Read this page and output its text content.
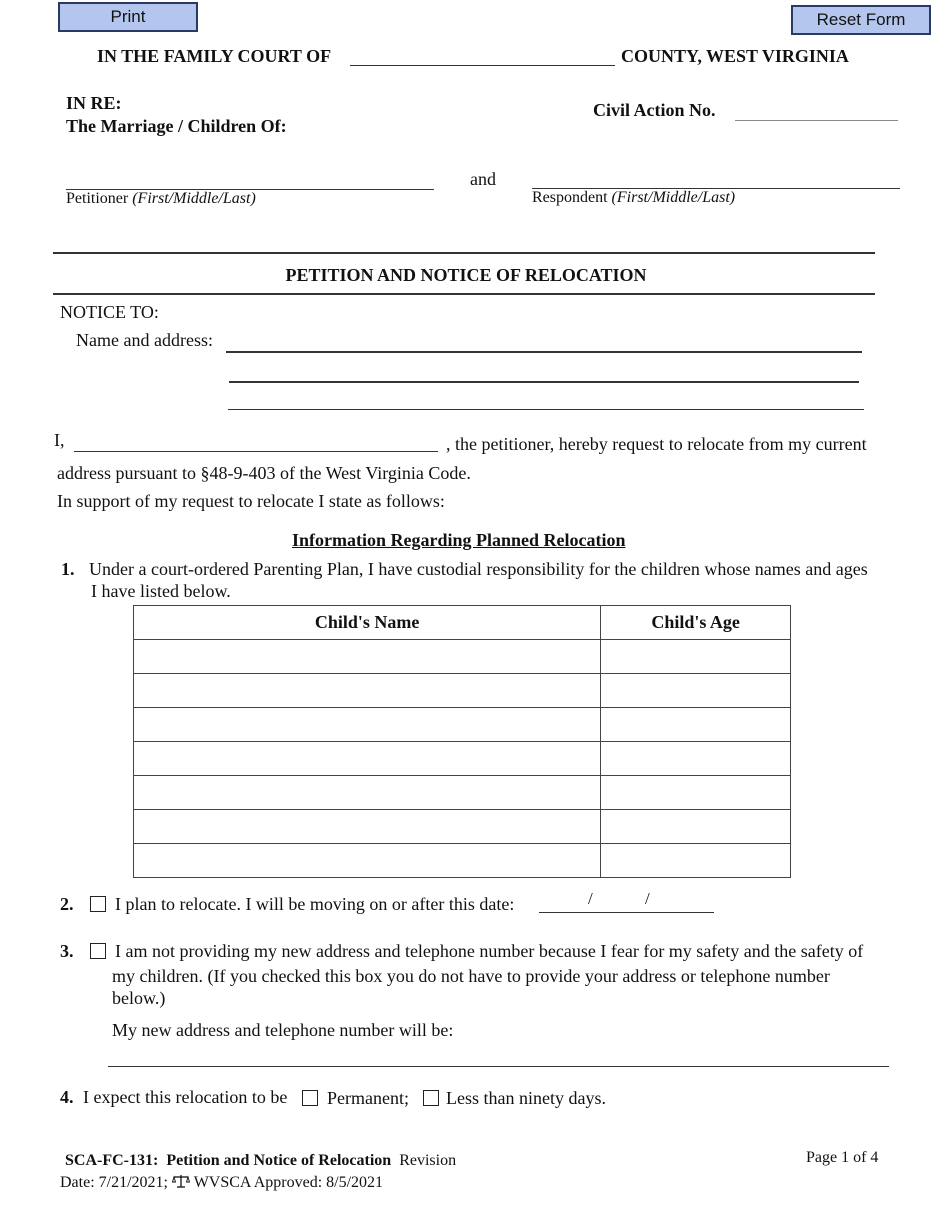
Print	Reset Form
IN THE FAMILY COURT OF	COUNTY, WEST VIRGINIA
IN RE:
The Marriage / Children Of:
Civil Action No.
and
Petitioner (First/Middle/Last)	Respondent (First/Middle/Last)
PETITION AND NOTICE OF RELOCATION
NOTICE TO:
Name and address:
I,	, the petitioner, hereby request to relocate from my current
address pursuant to §48-9-403 of the West Virginia Code.
In support of my request to relocate I state as follows:
Information Regarding Planned Relocation
1. Under a court-ordered Parenting Plan, I have custodial responsibility for the children whose names and ages
I have listed below.
Child's Name	Child's Age

2. I plan to relocate. I will be moving on or after this date:	/	/
3. I am not providing my new address and telephone number because I fear for my safety and the safety of
my children. (If you checked this box you do not have to provide your address or telephone number
below.)
My new address and telephone number will be:
4. I expect this relocation to be Permanent; Less than ninety days.
SCA-FC-131: Petition and Notice of Relocation Revision
Date: 7/21/2021; WVSCA Approved: 8/5/2021
Page 1 of 4
